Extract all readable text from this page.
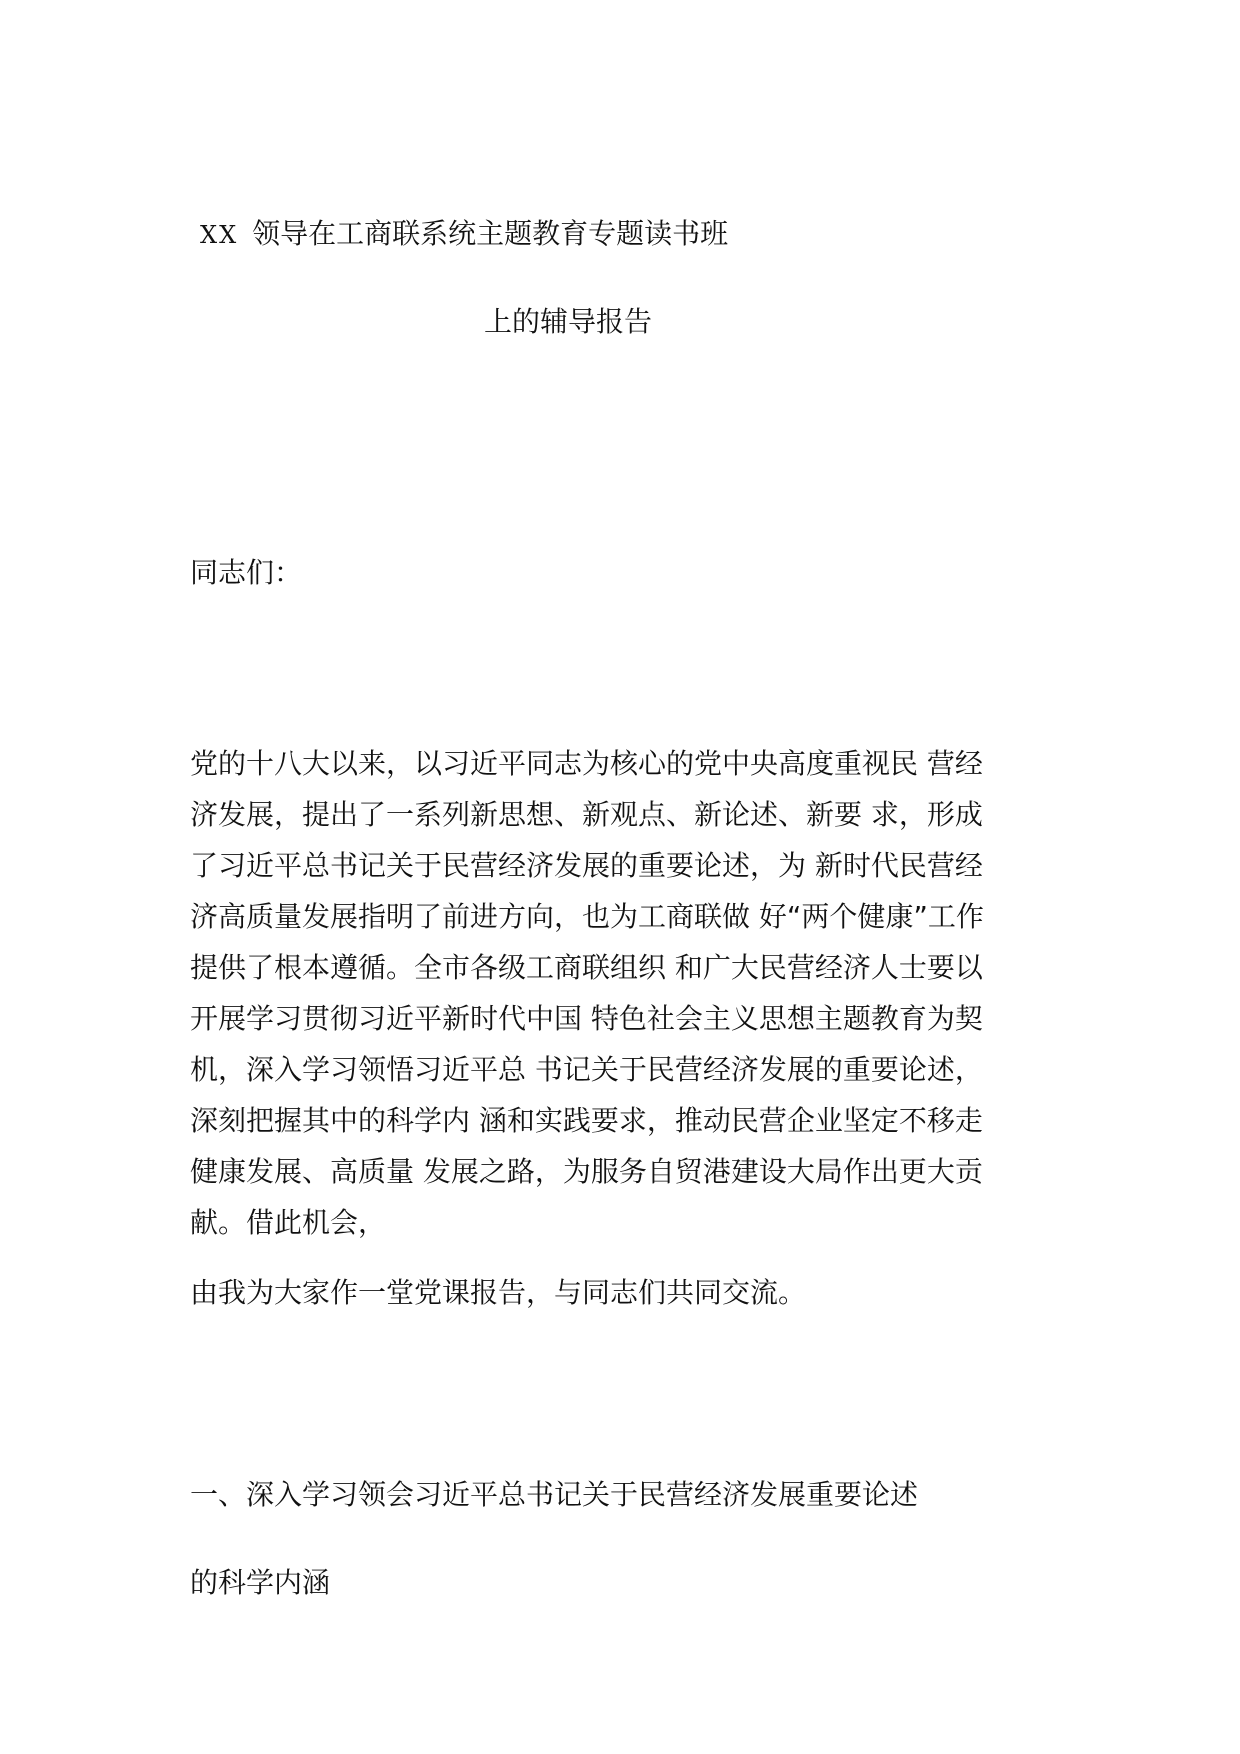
XX 领导在工商联系统主题教育专题读书班
上的辅导报告
同志们：
党的十八大以来，以习近平同志为核心的党中央高度重视民 营经
济发展，提出了一系列新思想、新观点、新论述、新要 求，形成
了习近平总书记关于民营经济发展的重要论述，为 新时代民营经
济高质量发展指明了前进方向，也为工商联做 好“两个健康”工作
提供了根本遵循。全市各级工商联组织 和广大民营经济人士要以
开展学习贯彻习近平新时代中国 特色社会主义思想主题教育为契
机，深入学习领悟习近平总 书记关于民营经济发展的重要论述，
深刻把握其中的科学内 涵和实践要求，推动民营企业坚定不移走
健康发展、高质量 发展之路，为服务自贸港建设大局作出更大贡
献。借此机会，
由我为大家作一堂党课报告，与同志们共同交流。
一、深入学习领会习近平总书记关于民营经济发展重要论述
的科学内涵
